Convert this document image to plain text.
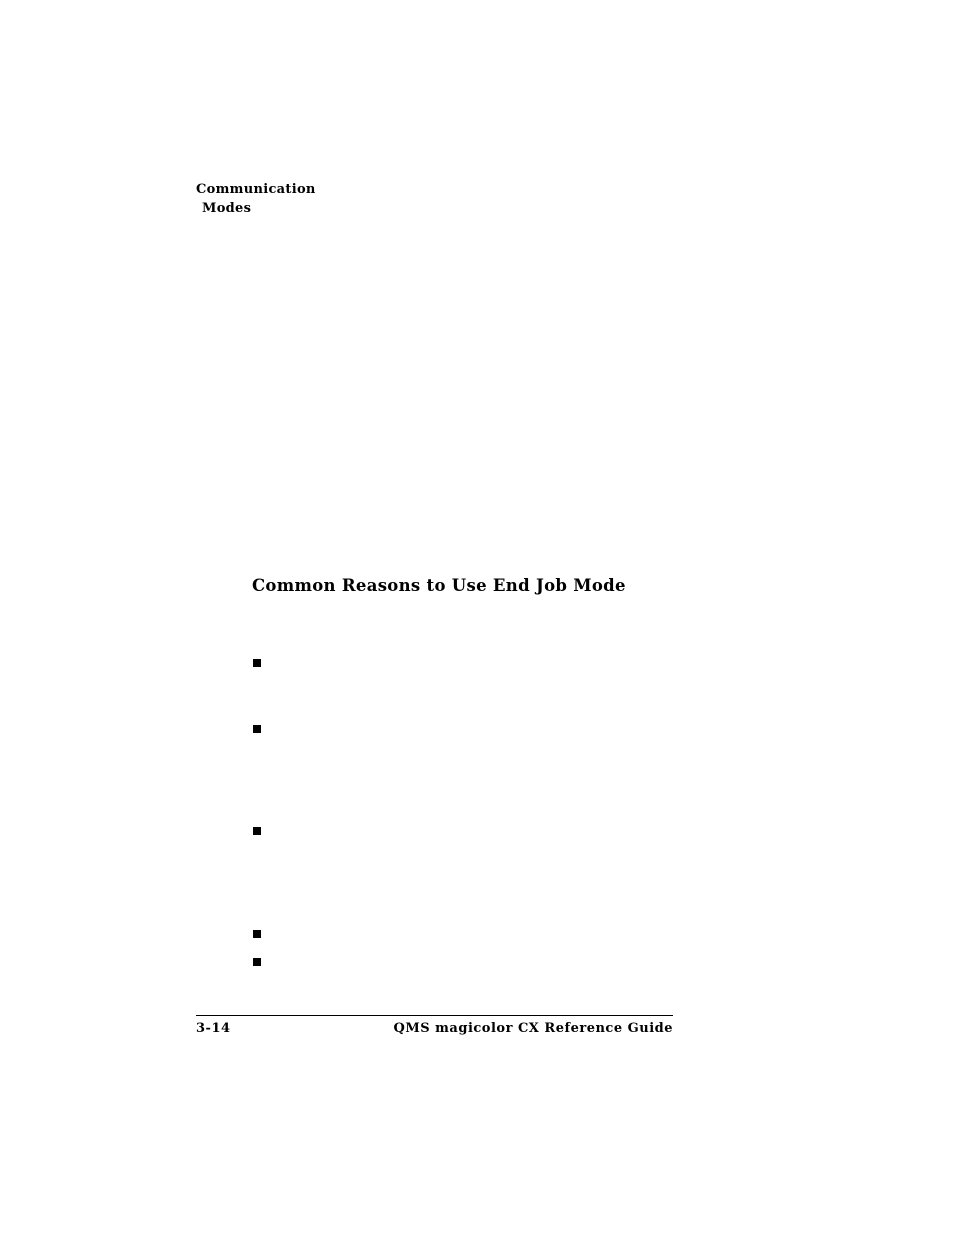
Communication
Modes
Common Reasons to Use End Job Mode
3-14	QMS magicolor CX Reference Guide
